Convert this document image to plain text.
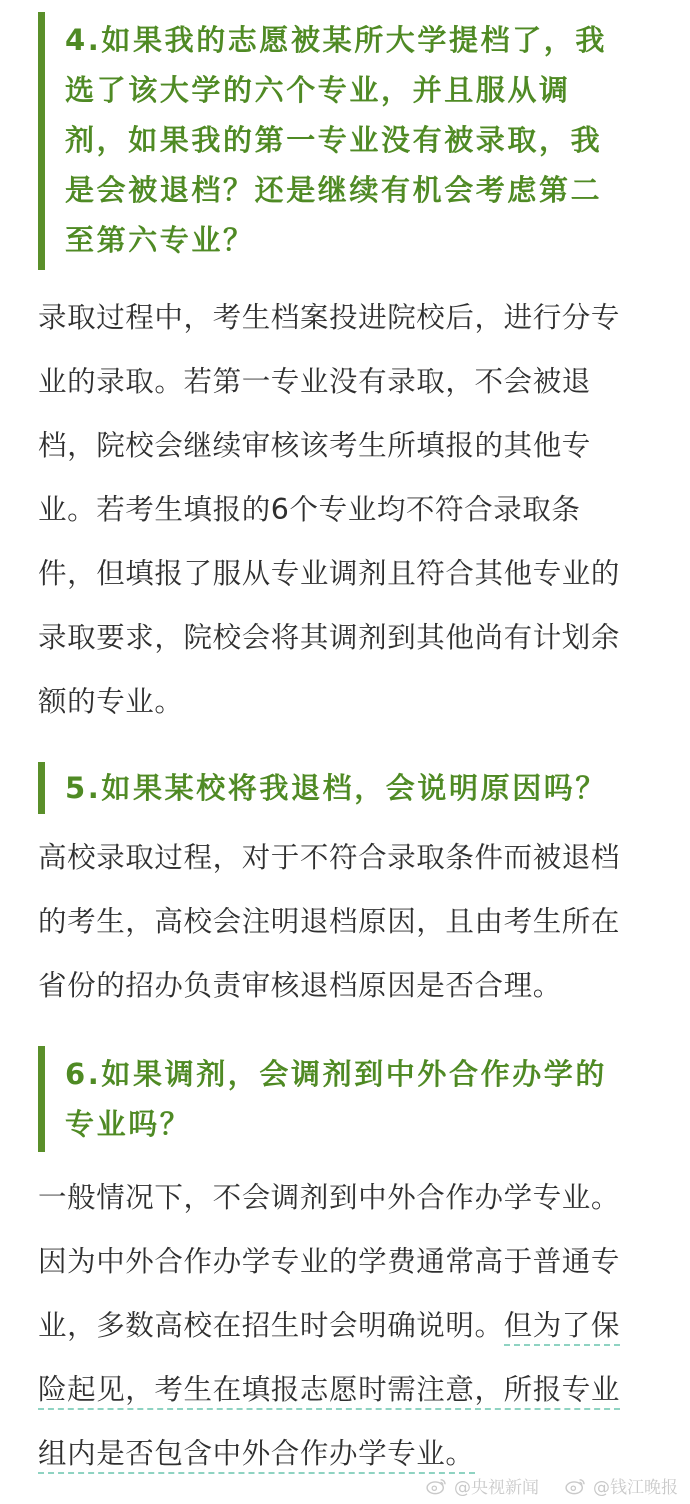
4.如果我的志愿被某所大学提档了，我
选了该大学的六个专业，并且服从调
剂，如果我的第一专业没有被录取，我
是会被退档？还是继续有机会考虑第二
至第六专业？
录取过程中，考生档案投进院校后，进行分专
业的录取。若第一专业没有录取，不会被退
档，院校会继续审核该考生所填报的其他专
业。若考生填报的6个专业均不符合录取条
件，但填报了服从专业调剂且符合其他专业的
录取要求，院校会将其调剂到其他尚有计划余
额的专业。
5.如果某校将我退档，会说明原因吗？
高校录取过程，对于不符合录取条件而被退档
的考生，高校会注明退档原因，且由考生所在
省份的招办负责审核退档原因是否合理。
6.如果调剂，会调剂到中外合作办学的
专业吗？
一般情况下，不会调剂到中外合作办学专业。
因为中外合作办学专业的学费通常高于普通专
业，多数高校在招生时会明确说明。但为了保
险起见，考生在填报志愿时需注意，所报专业
组内是否包含中外合作办学专业。
@央视新闻	@钱江晚报
